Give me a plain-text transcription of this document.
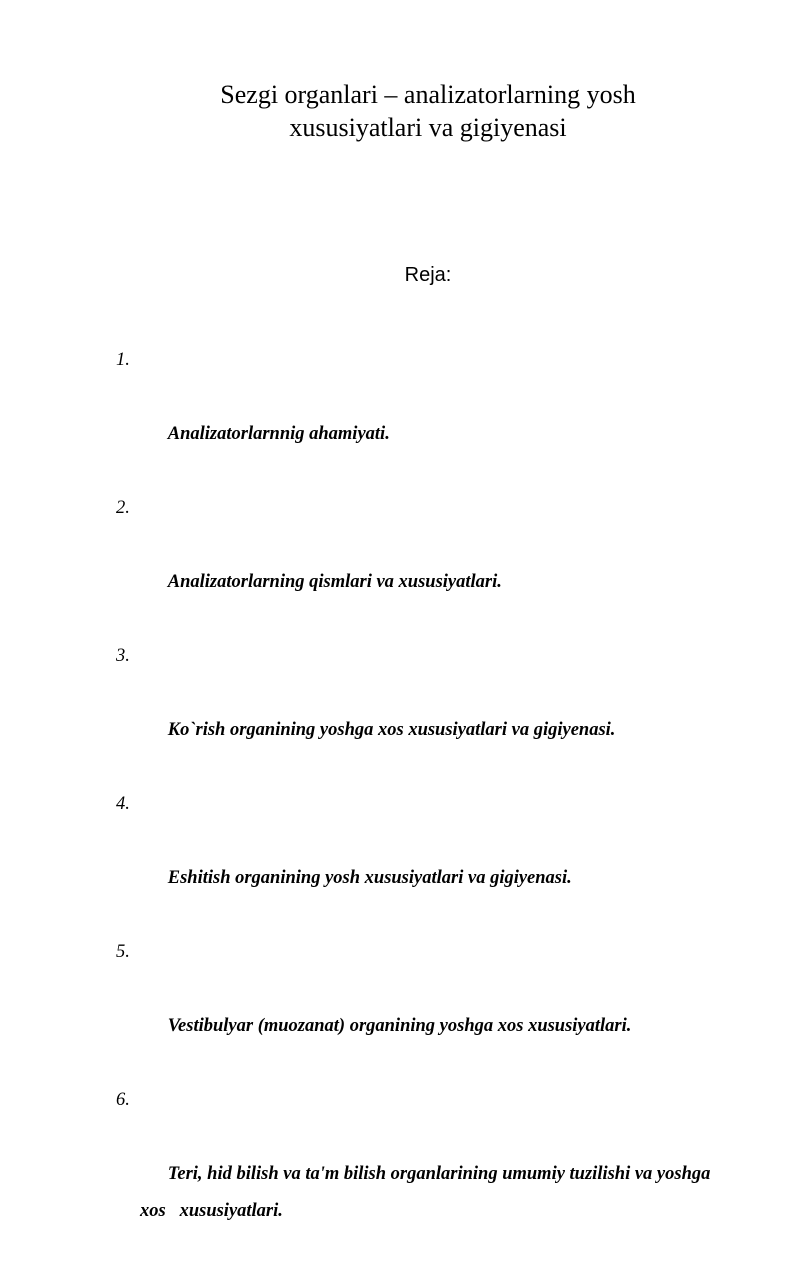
Sezgi organlari – analizatorlarning yosh
xususiyatlari va gigiyenasi
Reja:

1.

Analizatorlarnnig ahamiyati.

2.

Analizatorlarning qismlari va xususiyatlari.

3.

Ko`rish organining yoshga xos xususiyatlari va gigiyenasi.

4.

Eshitish organining yosh xususiyatlari va gigiyenasi.

5.

Vestibulyar (muozanat) organining yoshga xos xususiyatlari.

6.

Teri, hid bilish va ta'm bilish organlarining umumiy tuzilishi va yoshga xos   xususiyatlari.
